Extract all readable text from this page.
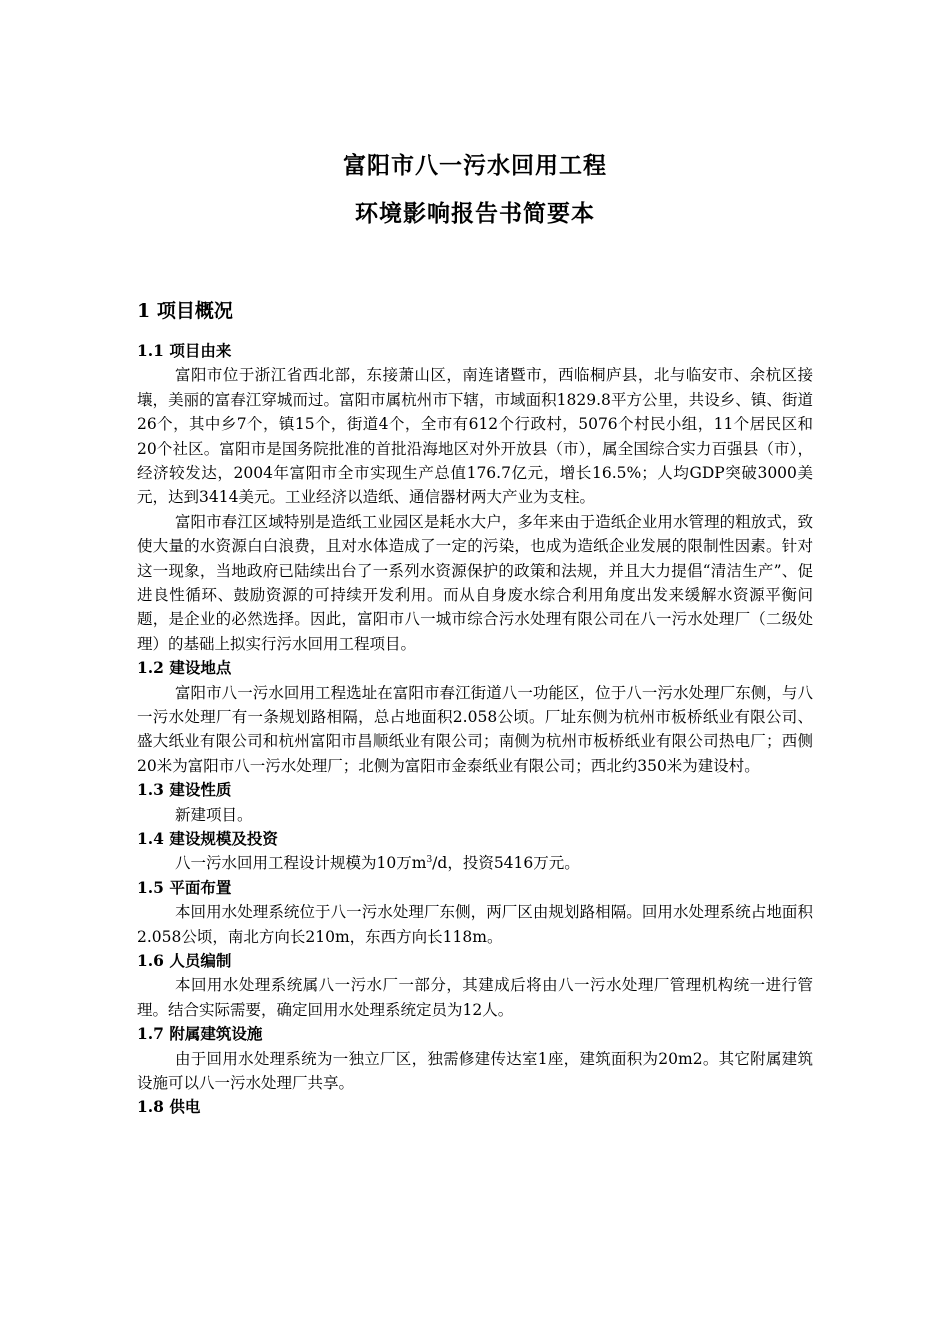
富阳市八一污水回用工程
环境影响报告书简要本
1 项目概况
1.1 项目由来

富阳市位于浙江省西北部，东接萧山区，南连诸暨市，西临桐庐县，北与临安市、余杭区接壤，美丽的富春江穿城而过。富阳市属杭州市下辖，市域面积1829.8平方公里，共设乡、镇、街道26个，其中乡7个，镇15个，街道4个，全市有612个行政村，5076个村民小组，11个居民区和20个社区。富阳市是国务院批准的首批沿海地区对外开放县（市），属全国综合实力百强县（市），经济较发达，2004年富阳市全市实现生产总值176.7亿元，增长16.5%；人均GDP突破3000美元，达到3414美元。工业经济以造纸、通信器材两大产业为支柱。

富阳市春江区域特别是造纸工业园区是耗水大户，多年来由于造纸企业用水管理的粗放式，致使大量的水资源白白浪费，且对水体造成了一定的污染，也成为造纸企业发展的限制性因素。针对这一现象，当地政府已陆续出台了一系列水资源保护的政策和法规，并且大力提倡“清洁生产”、促进良性循环、鼓励资源的可持续开发利用。而从自身废水综合利用角度出发来缓解水资源平衡问题，是企业的必然选择。因此，富阳市八一城市综合污水处理有限公司在八一污水处理厂（二级处理）的基础上拟实行污水回用工程项目。

1.2 建设地点

富阳市八一污水回用工程选址在富阳市春江街道八一功能区，位于八一污水处理厂东侧，与八一污水处理厂有一条规划路相隔，总占地面积2.058公顷。厂址东侧为杭州市板桥纸业有限公司、盛大纸业有限公司和杭州富阳市昌顺纸业有限公司；南侧为杭州市板桥纸业有限公司热电厂；西侧20米为富阳市八一污水处理厂；北侧为富阳市金泰纸业有限公司；西北约350米为建设村。

1.3 建设性质

新建项目。

1.4 建设规模及投资

八一污水回用工程设计规模为10万$m^3/d$，投资5416万元。

1.5 平面布置

本回用水处理系统位于八一污水处理厂东侧，两厂区由规划路相隔。回用水处理系统占地面积2.058公顷，南北方向长210m，东西方向长118m。

1.6 人员编制

本回用水处理系统属八一污水厂一部分，其建成后将由八一污水处理厂管理机构统一进行管理。结合实际需要，确定回用水处理系统定员为12人。

1.7 附属建筑设施

由于回用水处理系统为一独立厂区，独需修建传达室1座，建筑面积为20m2。其它附属建筑设施可以八一污水处理厂共享。

1.8 供电
